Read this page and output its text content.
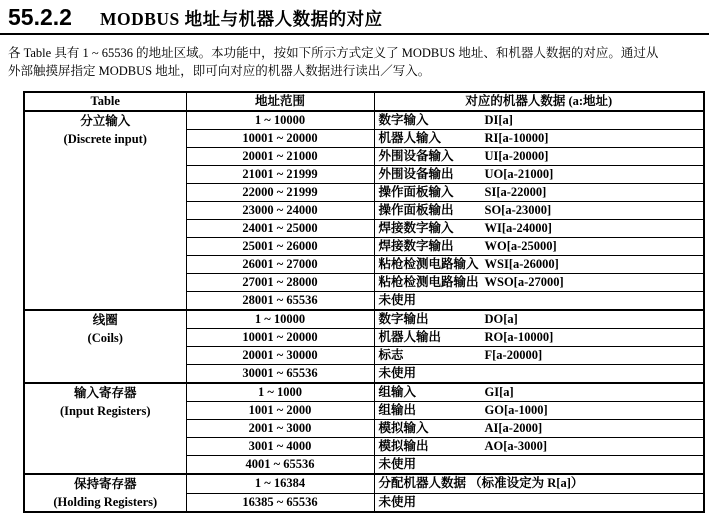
55.2.2 MODBUS 地址与机器人数据的对应
各 Table 具有 1 ~ 65536 的地址区域。本功能中，按如下所示方式定义了 MODBUS 地址、和机器人数据的对应。通过从
外部触摸屏指定 MODBUS 地址，即可向对应的机器人数据进行读出／写入。
Table	地址范围	对应的机器人数据 (a:地址)

分立输入
(Discrete input)
	1 ~ 10000	数字输入	DI[a]

	10001 ~ 20000	机器人输入 RI[a-10000]

	20001 ~ 21000	外围设备输入 UI[a-20000]

	21001 ~ 21999	外围设备输出 UO[a-21000]

	22000 ~ 21999	操作面板输入 SI[a-22000]

	23000 ~ 24000	操作面板输出 SO[a-23000]

	24001 ~ 25000	焊接数字输入 WI[a-24000]

	25001 ~ 26000	焊接数字输出 WO[a-25000]

	26001 ~ 27000	粘枪检测电路输入 WSI[a-26000]

	27001 ~ 28000	粘枪检测电路输出 WSO[a-27000]

	28001 ~ 65536	未使用

线圈
(Coils)
	1 ~ 10000	数字输出	DO[a]

	10001 ~ 20000	机器人输出 RO[a-10000]

	20001 ~ 30000	标志 F[a-20000]

	30001 ~ 65536	未使用

输入寄存器
(Input Registers)
	1 ~ 1000	组输入	GI[a]

	1001 ~ 2000	组输出 GO[a-1000]

	2001 ~ 3000	模拟输入 AI[a-2000]

	3001 ~ 4000	模拟输出 AO[a-3000]

	4001 ~ 65536	未使用

保持寄存器
(Holding Registers)	1 ~ 16384	分配机器人数据 （标准设定为 R[a]）
	16385 ~ 65536	未使用
